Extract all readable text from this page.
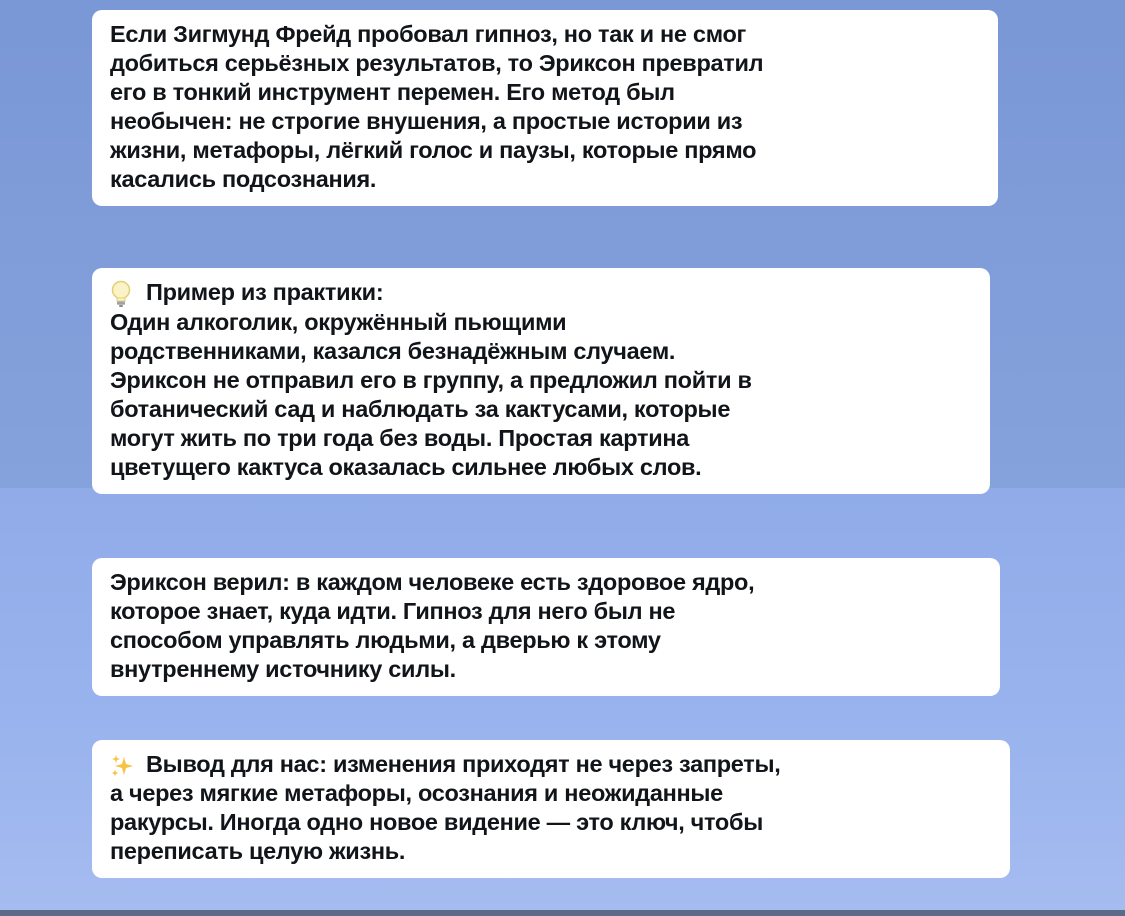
Если Зигмунд Фрейд пробовал гипноз, но так и не смог
добиться серьёзных результатов, то Эриксон превратил
его в тонкий инструмент перемен. Его метод был
необычен: не строгие внушения, а простые истории из
жизни, метафоры, лёгкий голос и паузы, которые прямо
касались подсознания.
Пример из практики:
Один алкоголик, окружённый пьющими
родственниками, казался безнадёжным случаем.
Эриксон не отправил его в группу, а предложил пойти в
ботанический сад и наблюдать за кактусами, которые
могут жить по три года без воды. Простая картина
цветущего кактуса оказалась сильнее любых слов.
Эриксон верил: в каждом человеке есть здоровое ядро,
которое знает, куда идти. Гипноз для него был не
способом управлять людьми, а дверью к этому
внутреннему источнику силы.
Вывод для нас: изменения приходят не через запреты,
а через мягкие метафоры, осознания и неожиданные
ракурсы. Иногда одно новое видение — это ключ, чтобы
переписать целую жизнь.
